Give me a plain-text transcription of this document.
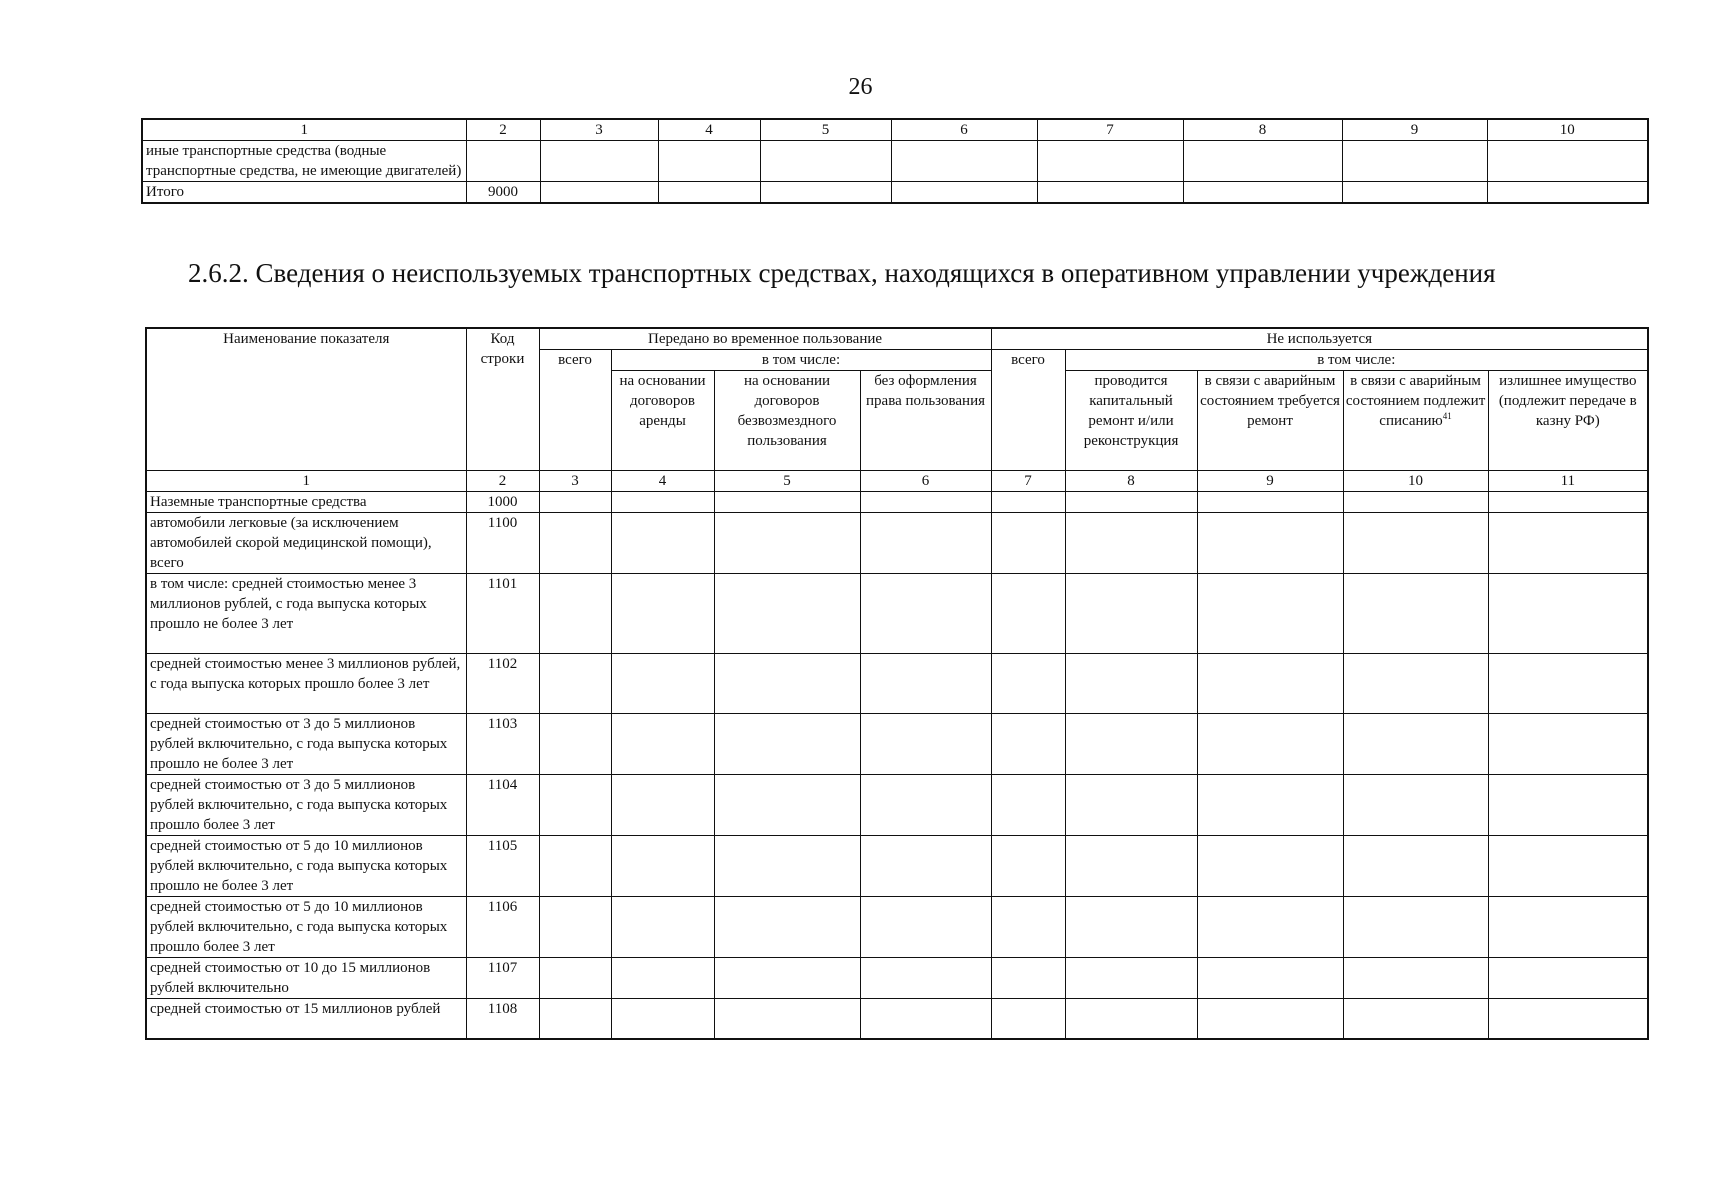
26
1	2	3	4	5	6	7	8	9	10
иные транспортные средства (водные транспортные средства, не имеющие двигателей)									
Итого	9000								
2.6.2. Сведения о неиспользуемых транспортных средствах, находящихся в оперативном управлении учреждения
Наименование показателя	Код строки	Передано во временное пользование				Не используется				
		всего	в том числе:			всего	в том числе:			
			на основании договоров аренды	на основании договоров безвозмездного пользования	без оформления права пользования		проводится капитальный ремонт и/или реконструкция	в связи с аварийным состоянием требуется ремонт	в связи с аварийным состоянием подлежит списанию$^{41}$	излишнее имущество (подлежит передаче в казну РФ)
1	2	3	4	5	6	7	8	9	10	11
Наземные транспортные средства	1000									
автомобили легковые (за исключением автомобилей скорой медицинской помощи), всего	1100									
в том числе: средней стоимостью менее 3 миллионов рублей, с года выпуска которых прошло не более 3 лет	1101									
средней стоимостью менее 3 миллионов рублей, с года выпуска которых прошло более 3 лет	1102									
средней стоимостью от 3 до 5 миллионов рублей включительно, с года выпуска которых прошло не более 3 лет	1103									
средней стоимостью от 3 до 5 миллионов рублей включительно, с года выпуска которых прошло более 3 лет	1104									
средней стоимостью от 5 до 10 миллионов рублей включительно, с года выпуска которых прошло не более 3 лет	1105									
средней стоимостью от 5 до 10 миллионов рублей включительно, с года выпуска которых прошло более 3 лет	1106									
средней стоимостью от 10 до 15 миллионов рублей включительно	1107									
средней стоимостью от 15 миллионов рублей	1108									
